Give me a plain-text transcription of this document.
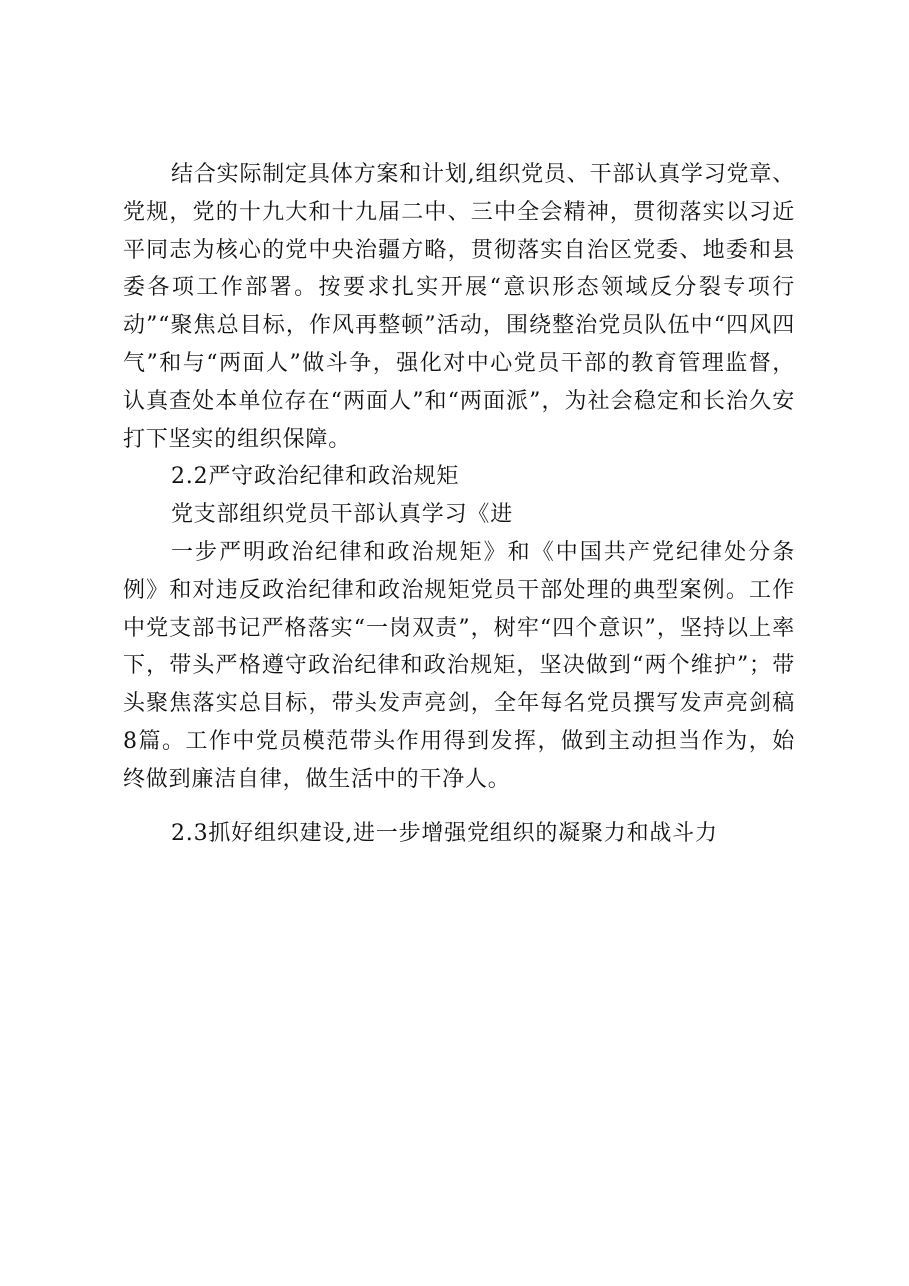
结合实际制定具体方案和计划,组织党员、干部认真学习党章、党规，党的十九大和十九届二中、三中全会精神，贯彻落实以习近平同志为核心的党中央治疆方略，贯彻落实自治区党委、地委和县委各项工作部署。按要求扎实开展“意识形态领域反分裂专项行动”“聚焦总目标，作风再整顿”活动，围绕整治党员队伍中“四风四气”和与“两面人”做斗争，强化对中心党员干部的教育管理监督，认真查处本单位存在“两面人”和“两面派”，为社会稳定和长治久安打下坚实的组织保障。

2.2严守政治纪律和政治规矩

党支部组织党员干部认真学习《进

一步严明政治纪律和政治规矩》和《中国共产党纪律处分条例》和对违反政治纪律和政治规矩党员干部处理的典型案例。工作中党支部书记严格落实“一岗双责”，树牢“四个意识”，坚持以上率下，带头严格遵守政治纪律和政治规矩，坚决做到“两个维护”；带头聚焦落实总目标，带头发声亮剑，全年每名党员撰写发声亮剑稿8篇。工作中党员模范带头作用得到发挥，做到主动担当作为，始终做到廉洁自律，做生活中的干净人。

2.3抓好组织建设,进一步增强党组织的凝聚力和战斗力
